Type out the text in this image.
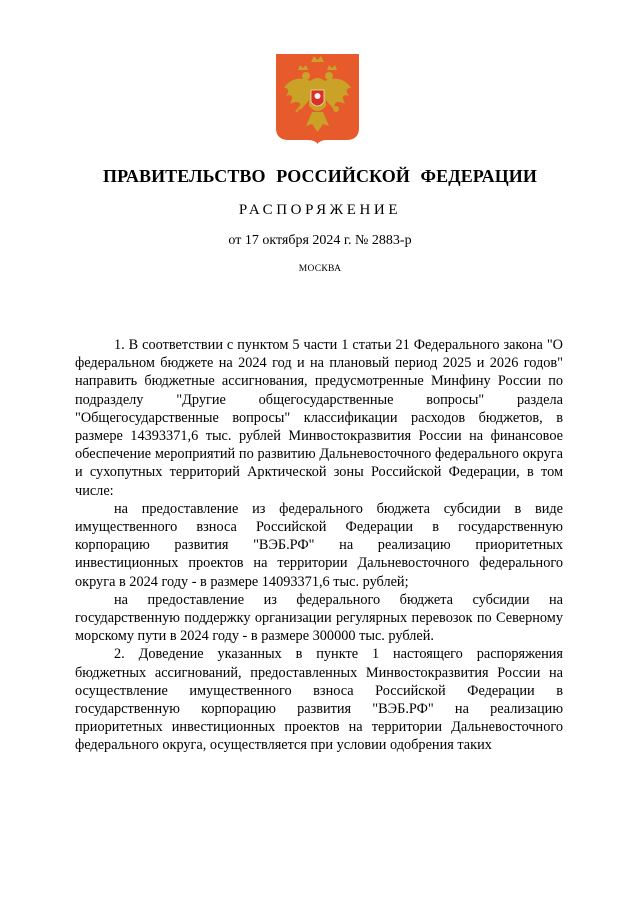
ПРАВИТЕЛЬСТВО РОССИЙСКОЙ ФЕДЕРАЦИИ
РАСПОРЯЖЕНИЕ
от 17 октября 2024 г. № 2883-р
МОСКВА

1. В соответствии с пунктом 5 части 1 статьи 21 Федерального закона "О федеральном бюджете на 2024 год и на плановый период 2025 и 2026 годов" направить бюджетные ассигнования, предусмотренные Минфину России по подразделу "Другие общегосударственные вопросы" раздела "Общегосударственные вопросы" классификации расходов бюджетов, в размере 14393371,6 тыс. рублей Минвостокразвития России на финансовое обеспечение мероприятий по развитию Дальневосточного федерального округа и сухопутных территорий Арктической зоны Российской Федерации, в том числе:

на предоставление из федерального бюджета субсидии в виде имущественного взноса Российской Федерации в государственную корпорацию развития "ВЭБ.РФ" на реализацию приоритетных инвестиционных проектов на территории Дальневосточного федерального округа в 2024 году - в размере 14093371,6 тыс. рублей;

на предоставление из федерального бюджета субсидии на государственную поддержку организации регулярных перевозок по Северному морскому пути в 2024 году - в размере 300000 тыс. рублей.

2. Доведение указанных в пункте 1 настоящего распоряжения бюджетных ассигнований, предоставленных Минвостокразвития России на осуществление имущественного взноса Российской Федерации в государственную корпорацию развития "ВЭБ.РФ" на реализацию приоритетных инвестиционных проектов на территории Дальневосточного федерального округа, осуществляется при условии одобрения таких
